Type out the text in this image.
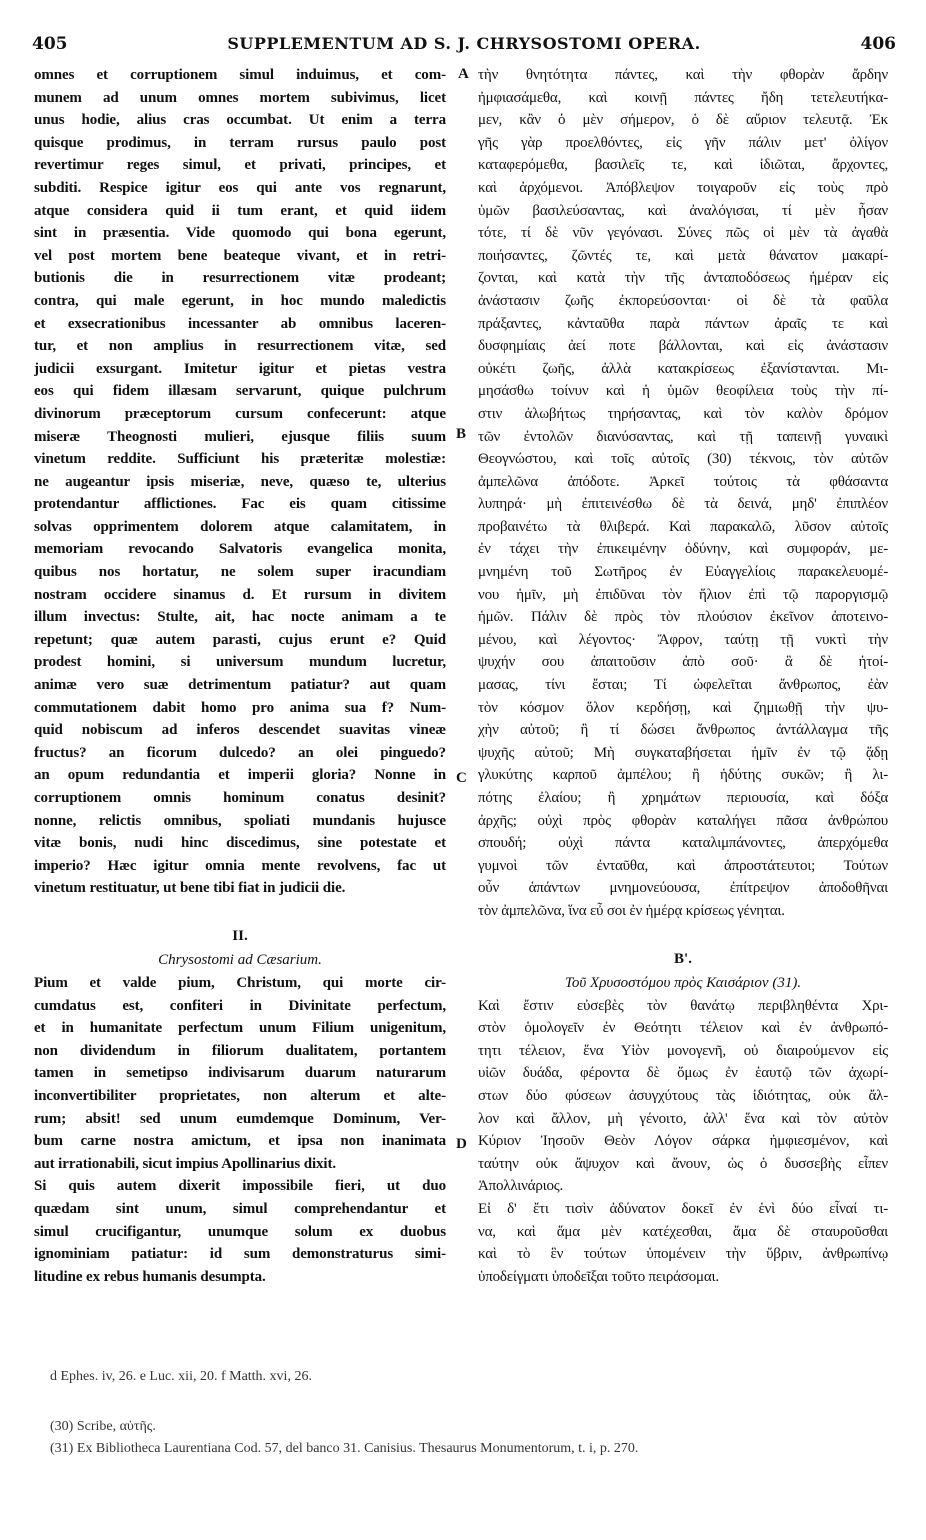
405	SUPPLEMENTUM AD S. J. CHRYSOSTOMI OPERA.	406
A
B
C
D
omnes et corruptionem simul induimus, et com-
munem ad unum omnes mortem subivimus, licet
unus hodie, alius cras occumbat. Ut enim a terra
quisque prodimus, in terram rursus paulo post
revertimur reges simul, et privati, principes, et
subditi. Respice igitur eos qui ante vos regnarunt,
atque considera quid ii tum erant, et quid iidem
sint in præsentia. Vide quomodo qui bona egerunt,
vel post mortem bene beateque vivant, et in retri-
butionis die in resurrectionem vitæ prodeant;
contra, qui male egerunt, in hoc mundo maledictis
et exsecrationibus incessanter ab omnibus laceren-
tur, et non amplius in resurrectionem vitæ, sed
judicii exsurgant. Imitetur igitur et pietas vestra
eos qui fidem illæsam servarunt, quique pulchrum
divinorum præceptorum cursum confecerunt: atque
miseræ Theognosti mulieri, ejusque filiis suum
vinetum reddite. Sufficiunt his præteritæ molestiæ:
ne augeantur ipsis miseriæ, neve, quæso te, ulterius
protendantur afflictiones. Fac eis quam citissime
solvas opprimentem dolorem atque calamitatem, in
memoriam revocando Salvatoris evangelica monita,
quibus nos hortatur, ne solem super iracundiam
nostram occidere sinamus d. Et rursum in divitem
illum invectus: Stulte, ait, hac nocte animam a te
repetunt; quæ autem parasti, cujus erunt e? Quid
prodest homini, si universum mundum lucretur,
animæ vero suæ detrimentum patiatur? aut quam
commutationem dabit homo pro anima sua f? Num-
quid nobiscum ad inferos descendet suavitas vineæ
fructus? an ficorum dulcedo? an olei pinguedo?
an opum redundantia et imperii gloria? Nonne in
corruptionem omnis hominum conatus desinit?
nonne, relictis omnibus, spoliati mundanis hujusce
vitæ bonis, nudi hinc discedimus, sine potestate et
imperio? Hæc igitur omnia mente revolvens, fac ut
vinetum restituatur, ut bene tibi fiat in judicii die.
II.
Chrysostomi ad Cæsarium.
Pium et valde pium, Christum, qui morte cir-
cumdatus est, confiteri in Divinitate perfectum,
et in humanitate perfectum unum Filium unigenitum,
non dividendum in filiorum dualitatem, portantem
tamen in semetipso indivisarum duarum naturarum
inconvertibiliter proprietates, non alterum et alte-
rum; absit! sed unum eumdemque Dominum, Ver-
bum carne nostra amictum, et ipsa non inanimata
aut irrationabili, sicut impius Apollinarius dixit.
Si quis autem dixerit impossibile fieri, ut duo
quædam sint unum, simul comprehendantur et
simul crucifigantur, unumque solum ex duobus
ignominiam patiatur: id sum demonstraturus simi-
litudine ex rebus humanis desumpta.
τὴν θνητότητα πάντες, καὶ τὴν φθορὰν ἄρδην
ἠμφιασάμεθα, καὶ κοινῇ πάντες ἤδη τετελευτήκα-
μεν, κἂν ὁ μὲν σήμερον, ὁ δὲ αὔριον τελευτᾷ. Ἐκ
γῆς γὰρ προελθόντες, εἰς γῆν πάλιν μετ' ὀλίγον
καταφερόμεθα, βασιλεῖς τε, καὶ ἰδιῶται, ἄρχοντες,
καὶ ἀρχόμενοι. Ἀπόβλεψον τοιγαροῦν εἰς τοὺς πρὸ
ὑμῶν βασιλεύσαντας, καὶ ἀναλόγισαι, τί μὲν ἦσαν
τότε, τί δὲ νῦν γεγόνασι. Σύνες πῶς οἱ μὲν τὰ ἀγαθὰ
ποιήσαντες, ζῶντές τε, καὶ μετὰ θάνατον μακαρί-
ζονται, καὶ κατὰ τὴν τῆς ἀνταποδόσεως ἡμέραν εἰς
ἀνάστασιν ζωῆς ἐκπορεύσονται· οἱ δὲ τὰ φαῦλα
πράξαντες, κἀνταῦθα παρὰ πάντων ἀραῖς τε καὶ
δυσφημίαις ἀεί ποτε βάλλονται, καὶ εἰς ἀνάστασιν
οὐκέτι ζωῆς, ἀλλὰ κατακρίσεως ἐξανίστανται. Μι-
μησάσθω τοίνυν καὶ ἡ ὑμῶν θεοφίλεια τοὺς τὴν πί-
στιν ἀλωβήτως τηρήσαντας, καὶ τὸν καλὸν δρόμον
τῶν ἐντολῶν διανύσαντας, καὶ τῇ ταπεινῇ γυναικὶ
Θεογνώστου, καὶ τοῖς αὐτοῖς (30) τέκνοις, τὸν αὐτῶν
ἀμπελῶνα ἀπόδοτε. Ἀρκεῖ τούτοις τὰ φθάσαντα
λυπηρά· μὴ ἐπιτεινέσθω δὲ τὰ δεινά, μηδ' ἐπιπλέον
προβαινέτω τὰ θλιβερά. Καὶ παρακαλῶ, λῦσον αὐτοῖς
ἐν τάχει τὴν ἐπικειμένην ὀδύνην, καὶ συμφοράν, με-
μνημένη τοῦ Σωτῆρος ἐν Εὐαγγελίοις παρακελευομέ-
νου ἡμῖν, μὴ ἐπιδῦναι τὸν ἥλιον ἐπὶ τῷ παροργισμῷ
ἡμῶν. Πάλιν δὲ πρὸς τὸν πλούσιον ἐκεῖνον ἀποτεινο-
μένου, καὶ λέγοντος· Ἄφρον, ταύτῃ τῇ νυκτὶ τὴν
ψυχήν σου ἀπαιτοῦσιν ἀπὸ σοῦ· ἃ δὲ ἡτοί-
μασας, τίνι ἔσται; Τί ὠφελεῖται ἄνθρωπος, ἐὰν
τὸν κόσμον ὅλον κερδήσῃ, καὶ ζημιωθῇ τὴν ψυ-
χὴν αὐτοῦ; ἢ τί δώσει ἄνθρωπος ἀντάλλαγμα τῆς
ψυχῆς αὐτοῦ; Μὴ συγκαταβήσεται ἡμῖν ἐν τῷ ᾅδῃ
γλυκύτης καρποῦ ἀμπέλου; ἢ ἡδύτης συκῶν; ἢ λι-
πότης ἐλαίου; ἢ χρημάτων περιουσία, καὶ δόξα
ἀρχῆς; οὐχὶ πρὸς φθορὰν καταλήγει πᾶσα ἀνθρώπου
σπουδή; οὐχὶ πάντα καταλιμπάνοντες, ἀπερχόμεθα
γυμνοὶ τῶν ἐνταῦθα, καὶ ἀπροστάτευτοι; Τούτων
οὖν ἁπάντων μνημονεύουσα, ἐπίτρεψον ἀποδοθῆναι
τὸν ἀμπελῶνα, ἵνα εὖ σοι ἐν ἡμέρᾳ κρίσεως γένηται.
Β'.
Τοῦ Χρυσοστόμου πρὸς Καισάριον (31).
Καὶ ἔστιν εὐσεβὲς τὸν θανάτῳ περιβληθέντα Χρι-
στὸν ὁμολογεῖν ἐν Θεότητι τέλειον καὶ ἐν ἀνθρωπό-
τητι τέλειον, ἕνα Υἱὸν μονογενῆ, οὐ διαιρούμενον εἰς
υἱῶν δυάδα, φέροντα δὲ ὅμως ἐν ἑαυτῷ τῶν ἀχωρί-
στων δύο φύσεων ἀσυγχύτους τὰς ἰδιότητας, οὐκ ἄλ-
λον καὶ ἄλλον, μὴ γένοιτο, ἀλλ' ἕνα καὶ τὸν αὐτὸν
Κύριον Ἰησοῦν Θεὸν Λόγον σάρκα ἠμφιεσμένον, καὶ
ταύτην οὐκ ἄψυχον καὶ ἄνουν, ὡς ὁ δυσσεβὴς εἶπεν
Ἀπολλινάριος.
Εἰ δ' ἔτι τισὶν ἀδύνατον δοκεῖ ἐν ἑνὶ δύο εἶναί τι-
να, καὶ ἅμα μὲν κατέχεσθαι, ἅμα δὲ σταυροῦσθαι
καὶ τὸ ἓν τούτων ὑπομένειν τὴν ὕβριν, ἀνθρωπίνῳ
ὑποδείγματι ὑποδεῖξαι τοῦτο πειράσομαι.
d Ephes. iv, 26. e Luc. xii, 20. f Matth. xvi, 26.
(30) Scribe, αὐτῆς.
(31) Ex Bibliotheca Laurentiana Cod. 57, del banco 31. Canisius. Thesaurus Monumentorum, t. i, p. 270.
